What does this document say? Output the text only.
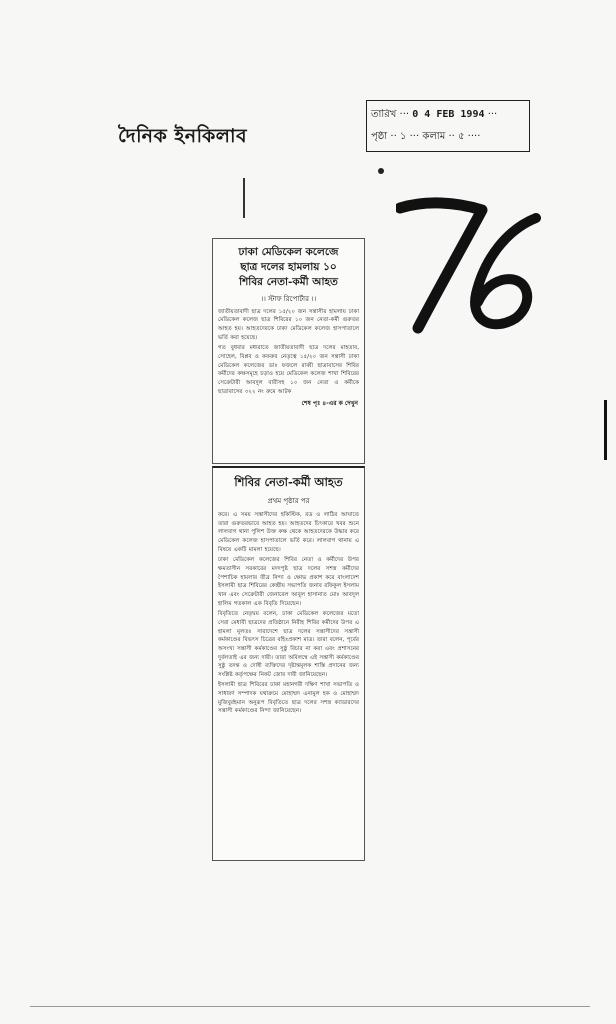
দৈনিক ইনকিলাব
তারিখ ··· 0 4 FEB 1994 ···
পৃষ্ঠা ·· ১ ··· কলাম ·· ৫ ····
ঢাকা মেডিকেল কলেজে
ছাত্র দলের হামলায় ১০
শিবির নেতা-কর্মী আহত
।। স্টাফ রিপোর্টার ।।

জাতীয়তাবাদী ছাত্র দলের ১৫/২০ জন সন্ত্রাসীর হামলায় ঢাকা মেডিকেল কলেজ ছাত্র শিবিরের ১০ জন নেতা-কর্মী গুরুতর আহত হয়। আহতদেরকে ঢাকা মেডিকেল কলেজ হাসপাতালে ভর্তি করা হয়েছে।

গত বুধবার মধ্যরাতে জাতীয়তাবাদী ছাত্র দলের মাহতাব, সোহেল, বিপ্লব ও কফরুর নেতৃত্বে ১৫/২০ জন সন্ত্রাসী ঢাকা মেডিকেল কলেজের ডাঃ ফজলে রাব্বী ছাত্রাবাসের শিবির কর্মীদের কক্ষসমূহে চড়াও হয়ে মেডিকেল কলেজ শাখা শিবিরের সেক্রেটারী আবদুল বারীসহ ১০ জন নেতা ও কর্মীকে ছাত্রাবাসের ৩২২ নং রুমে আটক

শেষ পৃঃ ৪-এর ক দেখুন
শিবির নেতা-কর্মী আহত
প্রথম পৃষ্ঠার পর

করে। এ সময় সন্ত্রাসীদের হকিস্টিক, রড ও লাঠির আঘাতে তারা গুরুতরভাবে আহত হয়। আহতদের চিৎকারে খবর শুনে লালবাগ থানা পুলিশ উক্ত কক্ষ থেকে আহতদেরকে উদ্ধার করে মেডিকেল কলেজ হাসপাতালে ভর্তি করে। লালবাগ থানায় এ বিষয়ে একটি মামলা হয়েছে।

ঢাকা মেডিকেল কলেজের শিবির নেতা ও কর্মীদের উপর ক্ষমতাসীন সরকারের মদদপুষ্ট ছাত্র দলের সশস্ত্র কর্মীদের পৈশাচিক হামলার তীব্র নিন্দা ও ক্ষোভ প্রকাশ করে বাংলাদেশ ইসলামী ছাত্র শিবিরের কেন্দ্রীয় সভাপতি জনাব রফিকুল ইসলাম খান এবং সেক্রেটারী জেনারেল আবুল হাসানাত মোঃ আবদুল হালিম গতকাল এক বিবৃতি দিয়েছেন।

বিবৃতিতে নেতৃদ্বয় বলেন, ঢাকা মেডিকেল কলেজের মতো সেরা মেধাবী ছাত্রদের প্রতিষ্ঠানে নিরীহ শিবির কর্মীদের উপর এ হামলা মূলতঃ সারাদেশে ছাত্র দলের সন্ত্রাসীদের সন্ত্রাসী কর্মকাণ্ডের বিভৎস চিত্রের বহিঃপ্রকাশ মাত্র। তারা বলেন, পূর্বের অসংখ্য সন্ত্রাসী কর্মকাণ্ডের সুষ্ঠু বিচার না করা এবং প্রশাসনের দুর্বলতাই এর জন্য দায়ী। তারা অবিলম্বে এই সন্ত্রাসী কর্মকাণ্ডের সুষ্ঠু তদন্ত ও দোষী ব্যক্তিদের দৃষ্টান্তমূলক শাস্তি প্রদানের জন্য সংশ্লিষ্ট কর্তৃপক্ষের নিকট জোর দাবী জানিয়েছেন।

ইসলামী ছাত্র শিবিরের ঢাকা মহানগরী দক্ষিণ শাখা সভাপতি ও সাধারণ সম্পাদক যথাক্রমে মোহাম্মদ এনামুল হক ও মোহাম্মদ মুজিবুর্রহমান অনুরূপ বিবৃতিতে ছাত্র দলের সশস্ত্র ক্যাডারদের সন্ত্রাসী কর্মকাণ্ডের নিন্দা জানিয়েছেন।
